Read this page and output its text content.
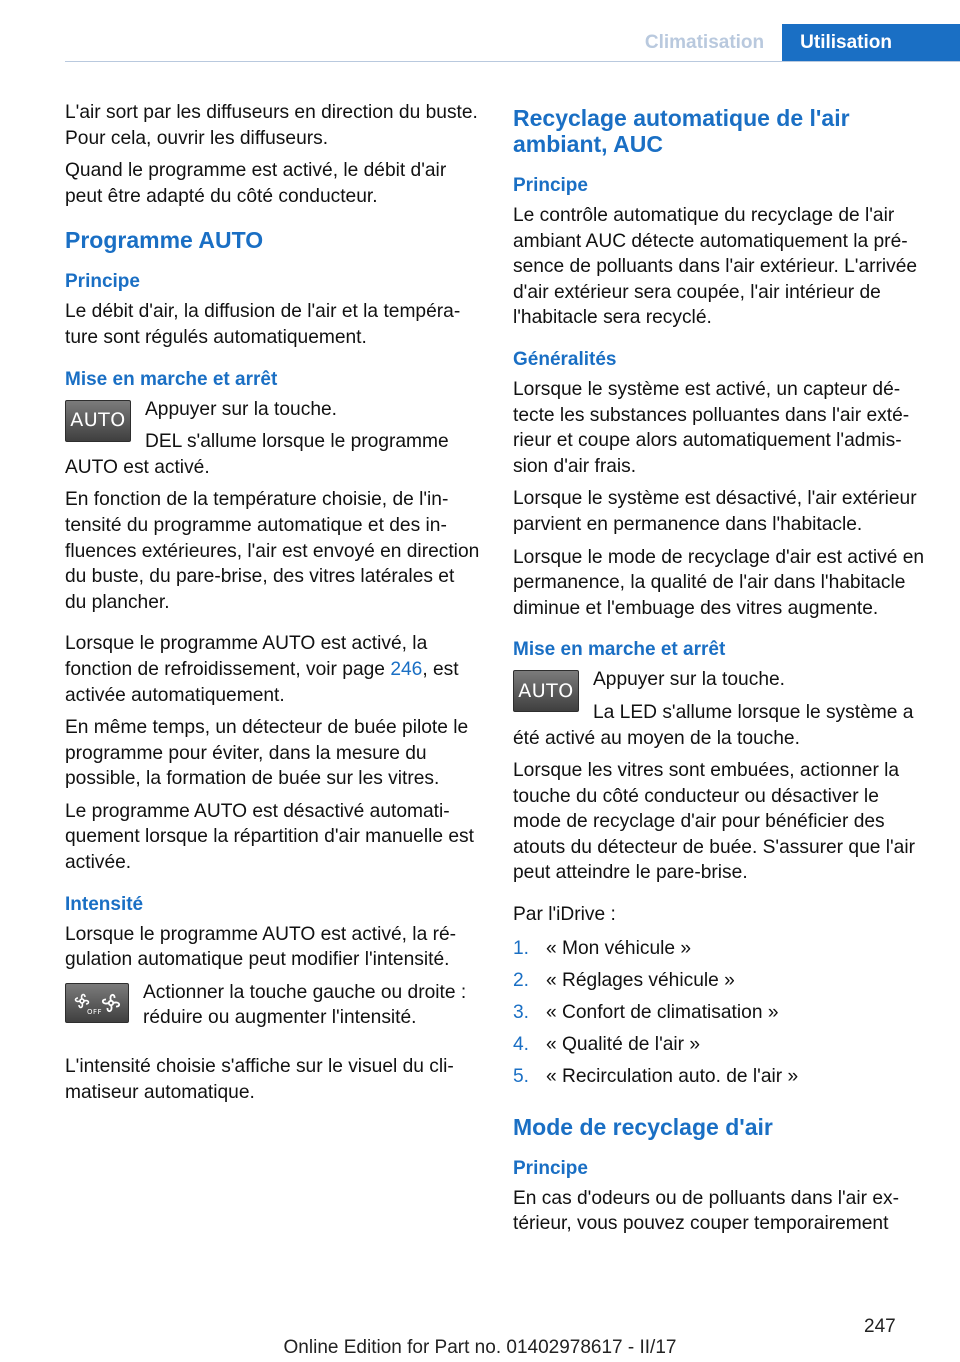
Climatisation	Utilisation

L'air sort par les diffuseurs en direction du buste. Pour cela, ouvrir les diffuseurs.

Quand le programme est activé, le débit d'air peut être adapté du côté conducteur.

Programme AUTO
Principe

Le débit d'air, la diffusion de l'air et la température sont régulés automatiquement.

Mise en marche et arrêt
AUTO Appuyer sur la touche.

DEL s'allume lorsque le programme

AUTO est activé.

En fonction de la température choisie, de l'intensité du programme automatique et des influences extérieures, l'air est envoyé en direction du buste, du pare-brise, des vitres latérales et du plancher.

Lorsque le programme AUTO est activé, la fonction de refroidissement, voir page 246, est activée automatiquement.

En même temps, un détecteur de buée pilote le programme pour éviter, dans la mesure du possible, la formation de buée sur les vitres.

Le programme AUTO est désactivé automatiquement lorsque la répartition d'air manuelle est activée.

Intensité

Lorsque le programme AUTO est activé, la régulation automatique peut modifier l'intensité.

OFF

Actionner la touche gauche ou droite : réduire ou augmenter l'intensité.

L'intensité choisie s'affiche sur le visuel du climatiseur automatique.

Recyclage automatique de l'air ambiant, AUC
Principe

Le contrôle automatique du recyclage de l'air ambiant AUC détecte automatiquement la présence de polluants dans l'air extérieur. L'arrivée d'air extérieur sera coupée, l'air intérieur de l'habitacle sera recyclé.

Généralités

Lorsque le système est activé, un capteur détecte les substances polluantes dans l'air extérieur et coupe alors automatiquement l'admission d'air frais.

Lorsque le système est désactivé, l'air extérieur parvient en permanence dans l'habitacle.

Lorsque le mode de recyclage d'air est activé en permanence, la qualité de l'air dans l'habitacle diminue et l'embuage des vitres augmente.

Mise en marche et arrêt
AUTO Appuyer sur la touche.

La LED s'allume lorsque le système a

été activé au moyen de la touche.

Lorsque les vitres sont embuées, actionner la touche du côté conducteur ou désactiver le mode de recyclage d'air pour bénéficier des atouts du détecteur de buée. S'assurer que l'air peut atteindre le pare-brise.

Par l'iDrive :

1. « Mon véhicule »
2. « Réglages véhicule »
3. « Confort de climatisation »
4. « Qualité de l'air »
5. « Recirculation auto. de l'air »
Mode de recyclage d'air
Principe

En cas d'odeurs ou de polluants dans l'air extérieur, vous pouvez couper temporairement

247
Online Edition for Part no. 01402978617 - II/17
